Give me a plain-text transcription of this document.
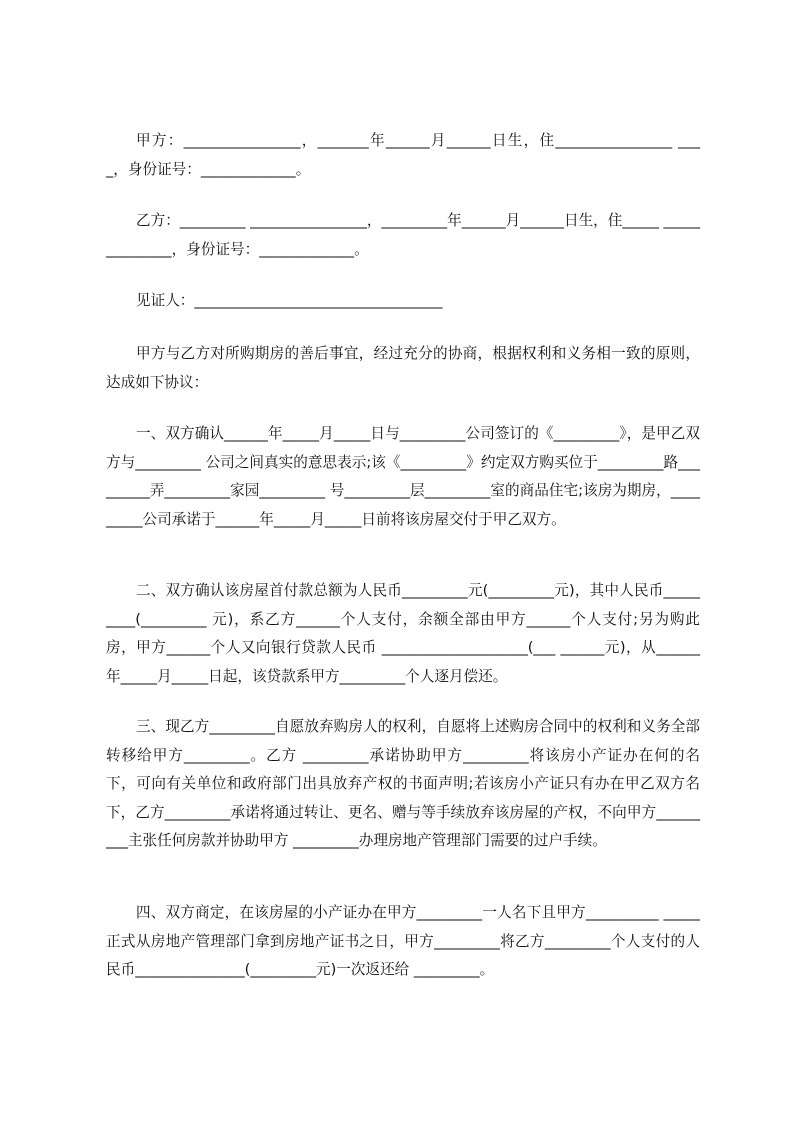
甲方：________________，_______年______月______日生，住________________ ____，身份证号：_____________。

乙方：_________ ________________，_________年______月______日生，住_____ ______________，身份证号：_____________。

见证人：__________________________________

甲方与乙方对所购期房的善后事宜，经过充分的协商，根据权利和义务相一致的原则，达成如下协议：

一、双方确认______年_____月_____日与_________公司签订的《_________》，是甲乙双方与_________ 公司之间真实的意思表示;该《_________》约定双方购买位于_________路_________弄_________家园_________ 号_________层_________室的商品住宅;该房为期房，_________公司承诺于______年_____月_____日前将该房屋交付于甲乙双方。

二、双方确认该房屋首付款总额为人民币_________元(_________元)，其中人民币_________(_________ 元)，系乙方______个人支付，余额全部由甲方______个人支付;另为购此房，甲方______个人又向银行贷款人民币 ____________________(___ ______元)，从______年_____月_____日起，该贷款系甲方_________个人逐月偿还。

三、现乙方_________自愿放弃购房人的权利，自愿将上述购房合同中的权利和义务全部转移给甲方_________。乙方 _________承诺协助甲方_________将该房小产证办在何的名下，可向有关单位和政府部门出具放弃产权的书面声明;若该房小产证只有办在甲乙双方名下，乙方_________承诺将通过转让、更名、赠与等手续放弃该房屋的产权，不向甲方_________主张任何房款并协助甲方 _________办理房地产管理部门需要的过户手续。

四、双方商定，在该房屋的小产证办在甲方_________一人名下且甲方__________ _____正式从房地产管理部门拿到房地产证书之日，甲方_________将乙方_________个人支付的人民币_______________(_________元)一次返还给 _________。
